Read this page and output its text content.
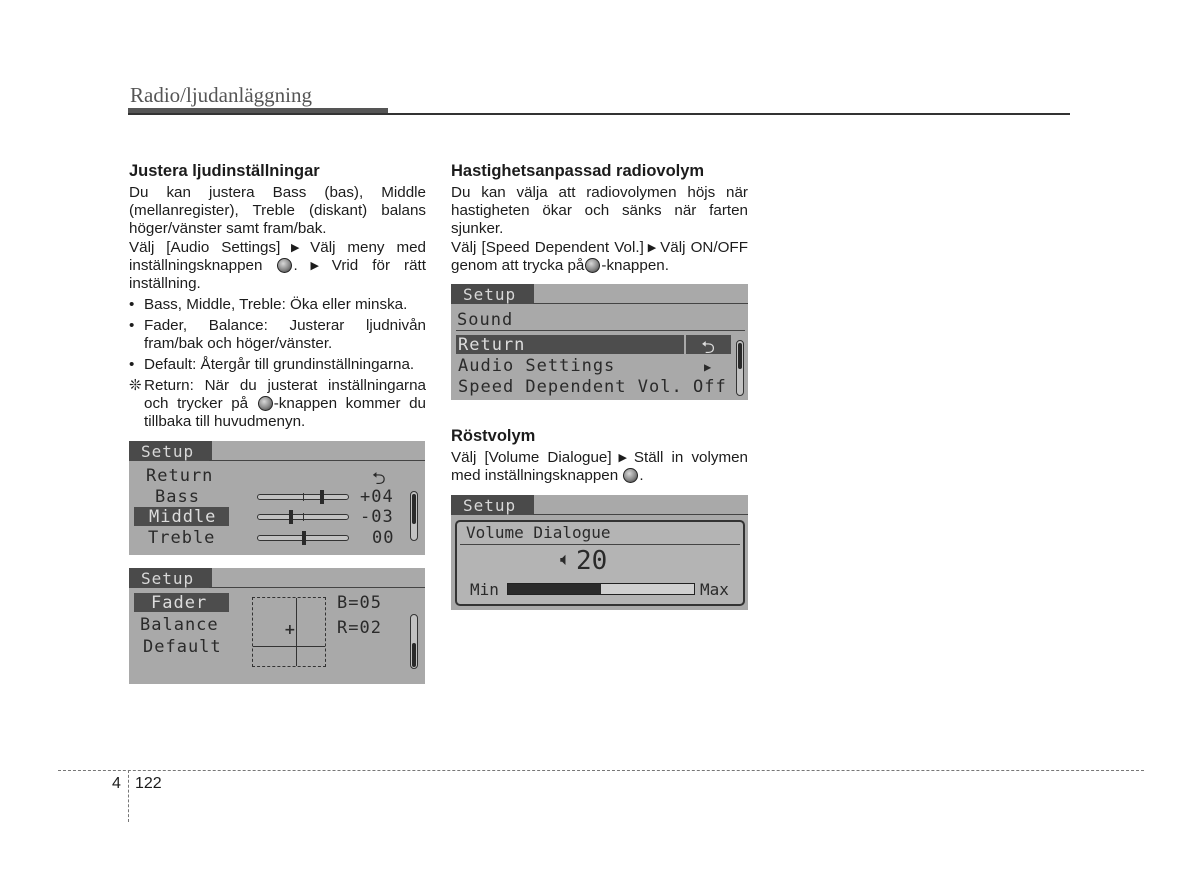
Radio/ljudanläggning
Justera ljudinställningar

Du kan justera Bass (bas), Middle (mellanregister), Treble (diskant) balans höger/vänster samt fram/bak.

Välj [Audio Settings] ▶ Välj meny med inställningsknappen . ▶ Vrid för rätt inställning.

• Bass, Middle, Treble: Öka eller minska.
• Fader, Balance: Justerar ljudnivån fram/bak och höger/vänster.
• Default: Återgår till grundinställningarna.
❊ Return: När du justerat inställningarna och trycker på -knappen kommer du tillbaka till huvudmenyn.
Setup
Return	⮌
Bass	+04
Middle	-03
Treble	00
Setup
Fader
Balance
Default
+
B=05
R=02
Hastighetsanpassad radiovolym

Du kan välja att radiovolymen höjs när hastigheten ökar och sänks när farten sjunker.

Välj [Speed Dependent Vol.] ▶ Välj ON/OFF genom att trycka på -knappen.

Setup
Sound
Return	⮌
Audio Settings	▶
Speed Dependent Vol. Off
Röstvolym

Välj [Volume Dialogue] ▶ Ställ in volymen med inställningsknappen .

Setup
Volume Dialogue
🔈︎ 20
Min	Max
4 122
